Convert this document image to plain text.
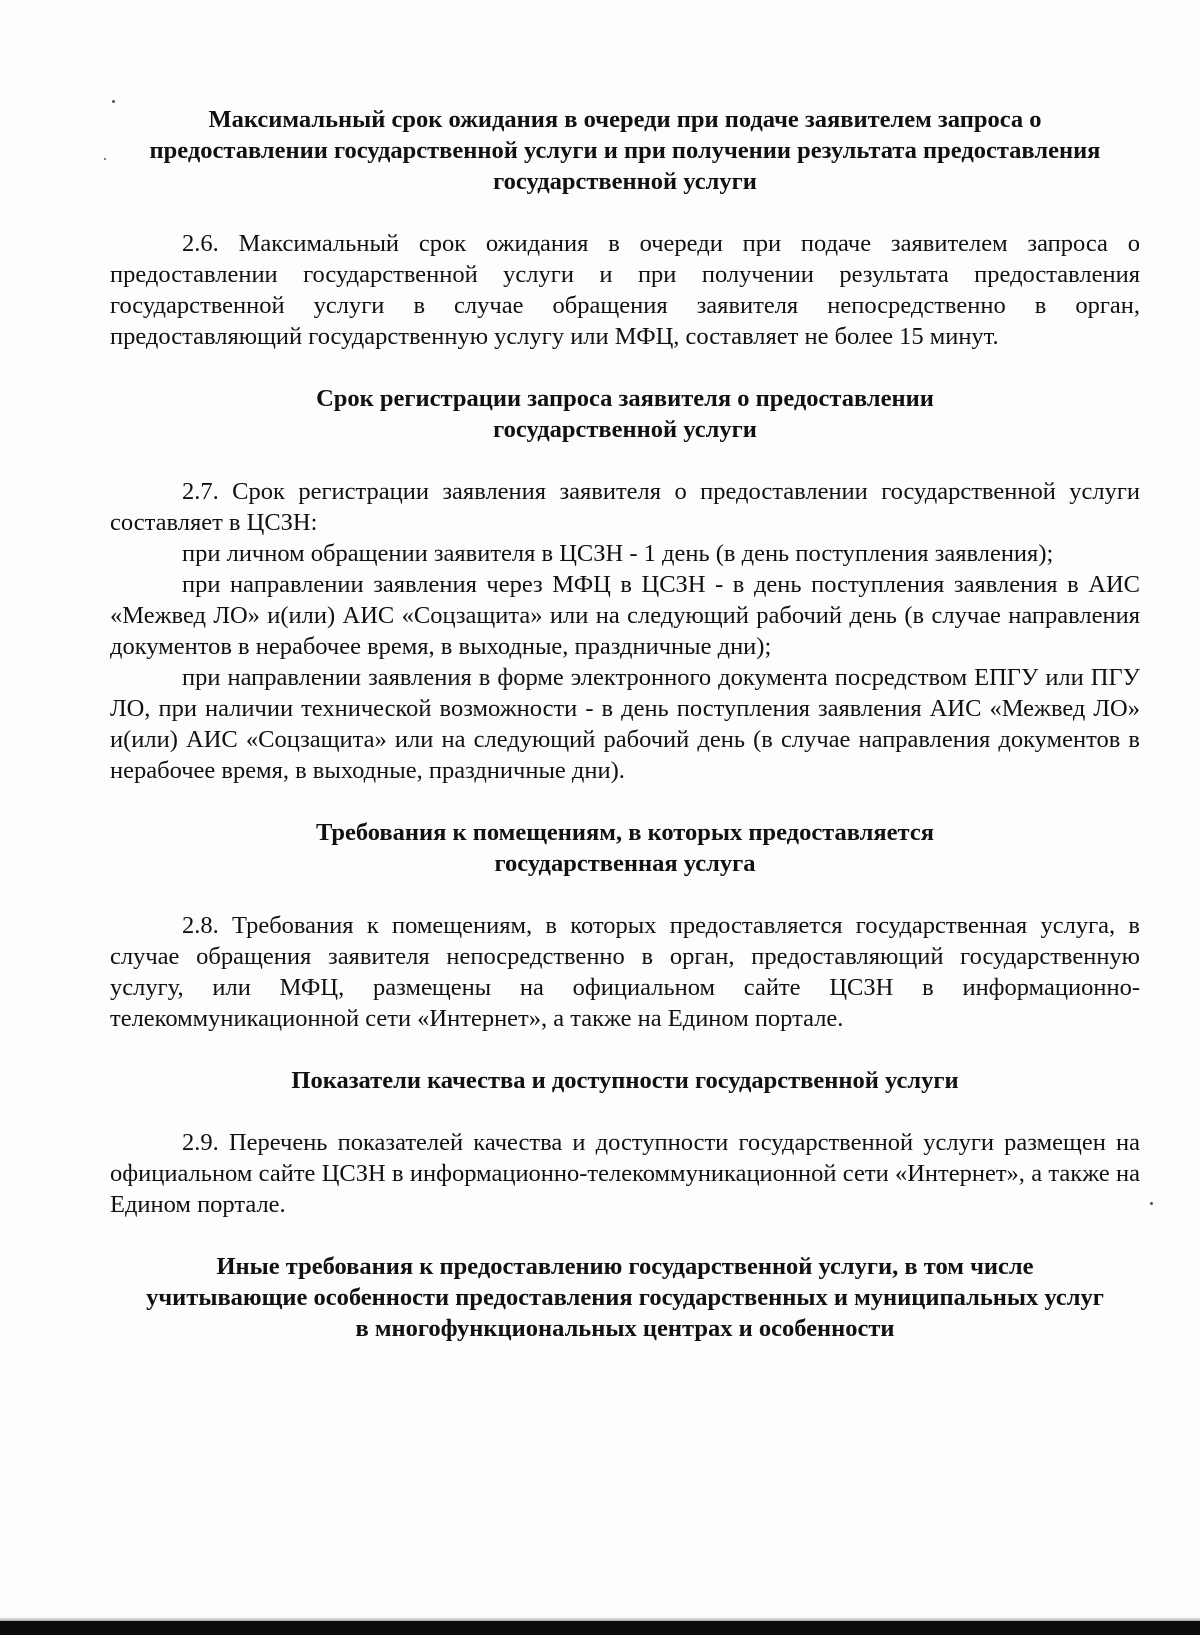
Максимальный срок ожидания в очереди при подаче заявителем запроса о предоставлении государственной услуги и при получении результата предоставления государственной услуги

2.6. Максимальный срок ожидания в очереди при подаче заявителем запроса о предоставлении государственной услуги и при получении результата предоставления государственной услуги в случае обращения заявителя непосредственно в орган, предоставляющий государственную услугу или МФЦ, составляет не более 15 минут.

Срок регистрации запроса заявителя о предоставлении государственной услуги

2.7. Срок регистрации заявления заявителя о предоставлении государственной услуги составляет в ЦСЗН:

при личном обращении заявителя в ЦСЗН - 1 день (в день поступления заявления);

при направлении заявления через МФЦ в ЦСЗН - в день поступления заявления в АИС «Межвед ЛО» и(или) АИС «Соцзащита» или на следующий рабочий день (в случае направления документов в нерабочее время, в выходные, праздничные дни);

при направлении заявления в форме электронного документа посредством ЕПГУ или ПГУ ЛО, при наличии технической возможности - в день поступления заявления АИС «Межвед ЛО» и(или) АИС «Соцзащита» или на следующий рабочий день (в случае направления документов в нерабочее время, в выходные, праздничные дни).

Требования к помещениям, в которых предоставляется государственная услуга

2.8. Требования к помещениям, в которых предоставляется государственная услуга, в случае обращения заявителя непосредственно в орган, предоставляющий государственную услугу, или МФЦ, размещены на официальном сайте ЦСЗН в информационно-телекоммуникационной сети «Интернет», а также на Едином портале.

Показатели качества и доступности государственной услуги

2.9. Перечень показателей качества и доступности государственной услуги размещен на официальном сайте ЦСЗН в информационно-телекоммуникационной сети «Интернет», а также на Едином портале.

Иные требования к предоставлению государственной услуги, в том числе учитывающие особенности предоставления государственных и муниципальных услуг в многофункциональных центрах и особенности
